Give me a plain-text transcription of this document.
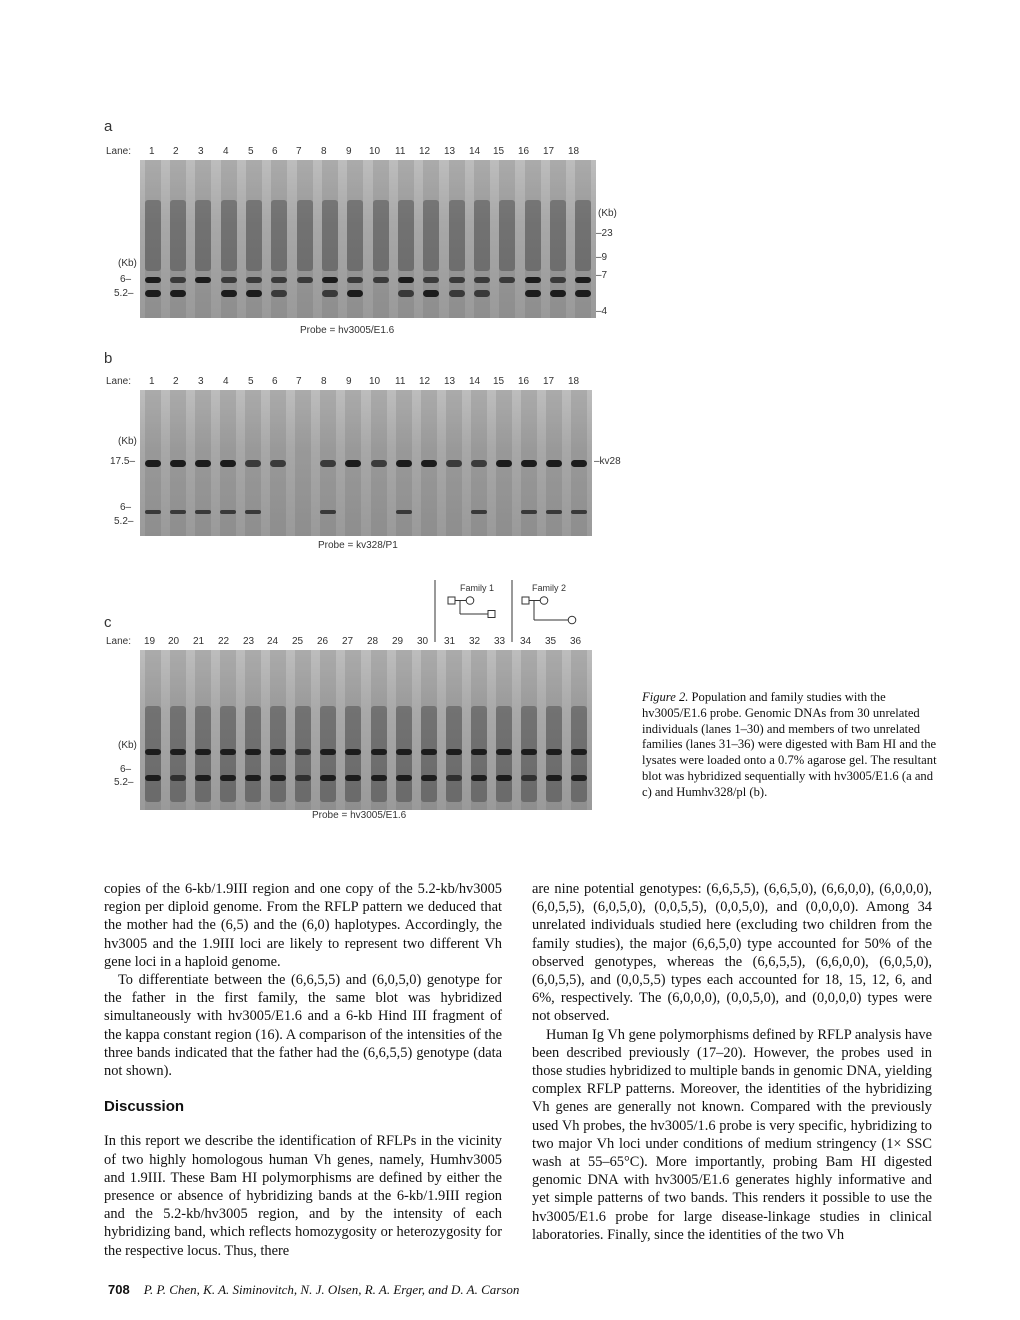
a
Lane: 1 2 3 4 5 6 7 8 9 10 11 12 13 14 15 16 17 18
(Kb)
6–
5.2–
(Kb)
–23
–9
–7
–4
Probe = hv3005/E1.6
b
Lane: 1 2 3 4 5 6 7 8 9 10 11 12 13 14 15 16 17 18
(Kb)
17.5–
6–
5.2–
–kv28
Probe = kv328/P1
c
Family 1	Family 2
Lane: 19 20 21 22 23 24 25 26 27 28 29 30 31 32 33 34 35 36
(Kb)
6–
5.2–
Probe = hv3005/E1.6
Figure 2. Population and family studies with the hv3005/E1.6 probe. Genomic DNAs from 30 unrelated individuals (lanes 1–30) and members of two unrelated families (lanes 31–36) were digested with Bam HI and the lysates were loaded onto a 0.7% agarose gel. The resultant blot was hybridized sequentially with hv3005/E1.6 (a and c) and Humhv328/pl (b).

copies of the 6-kb/1.9III region and one copy of the 5.2-kb/hv3005 region per diploid genome. From the RFLP pattern we deduced that the mother had the (6,5) and the (6,0) haplotypes. Accordingly, the hv3005 and the 1.9III loci are likely to represent two different Vh gene loci in a haploid genome.

To differentiate between the (6,6,5,5) and (6,0,5,0) genotype for the father in the first family, the same blot was hybridized simultaneously with hv3005/E1.6 and a 6-kb Hind III fragment of the kappa constant region (16). A comparison of the intensities of the three bands indicated that the father had the (6,6,5,5) genotype (data not shown).

Discussion

In this report we describe the identification of RFLPs in the vicinity of two highly homologous human Vh genes, namely, Humhv3005 and 1.9III. These Bam HI polymorphisms are defined by either the presence or absence of hybridizing bands at the 6-kb/1.9III region and the 5.2-kb/hv3005 region, and by the intensity of each hybridizing band, which reflects homozygosity or heterozygosity for the respective locus. Thus, there

are nine potential genotypes: (6,6,5,5), (6,6,5,0), (6,6,0,0), (6,0,0,0), (6,0,5,5), (6,0,5,0), (0,0,5,5), (0,0,5,0), and (0,0,0,0). Among 34 unrelated individuals studied here (excluding two children from the family studies), the major (6,6,5,0) type accounted for 50% of the observed genotypes, whereas the (6,6,5,5), (6,6,0,0), (6,0,5,0), (6,0,5,5), and (0,0,5,5) types each accounted for 18, 15, 12, 6, and 6%, respectively. The (6,0,0,0), (0,0,5,0), and (0,0,0,0) types were not observed.

Human Ig Vh gene polymorphisms defined by RFLP analysis have been described previously (17–20). However, the probes used in those studies hybridized to multiple bands in genomic DNA, yielding complex RFLP patterns. Moreover, the identities of the hybridizing Vh genes are generally not known. Compared with the previously used Vh probes, the hv3005/1.6 probe is very specific, hybridizing to two major Vh loci under conditions of medium stringency (1× SSC wash at 55–65°C). More importantly, probing Bam HI digested genomic DNA with hv3005/E1.6 generates highly informative and yet simple patterns of two bands. This renders it possible to use the hv3005/E1.6 probe for large disease-linkage studies in clinical laboratories. Finally, since the identities of the two Vh

708 P. P. Chen, K. A. Siminovitch, N. J. Olsen, R. A. Erger, and D. A. Carson
